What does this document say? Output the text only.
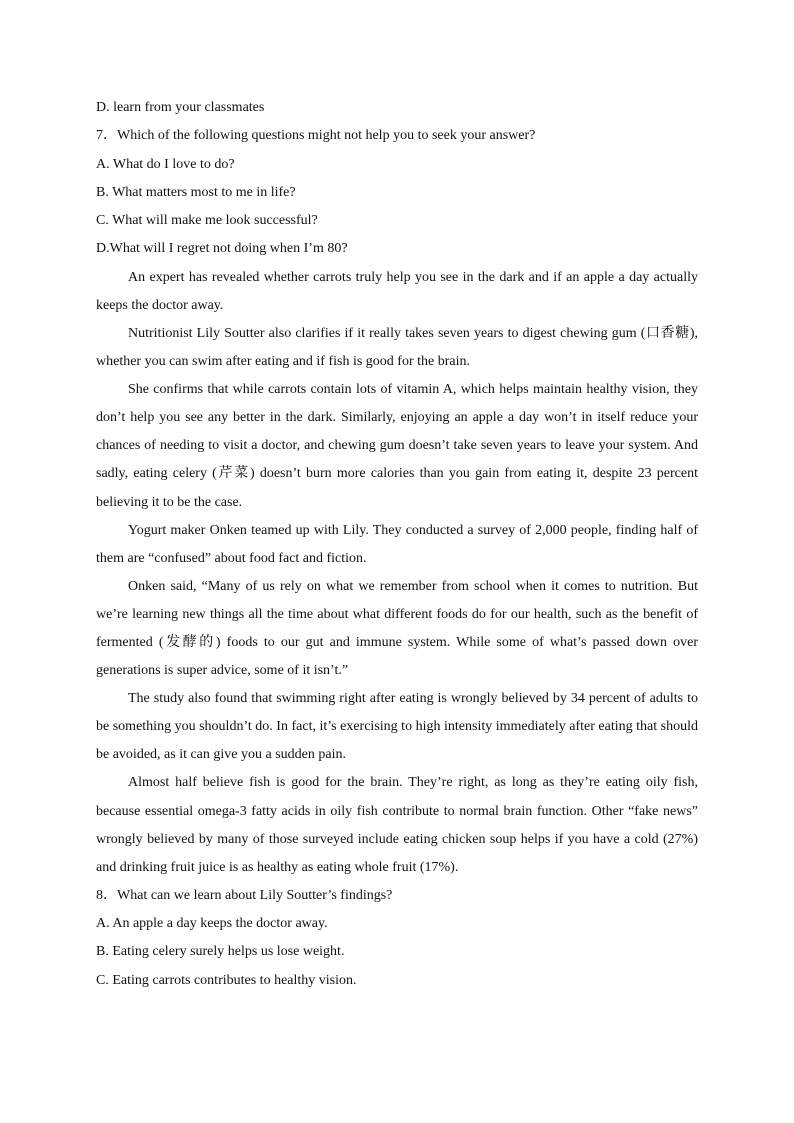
D. learn from your classmates

7．Which of the following questions might not help you to seek your answer?

A. What do I love to do?

B. What matters most to me in life?

C. What will make me look successful?

D.What will I regret not doing when I’m 80?

An expert has revealed whether carrots truly help you see in the dark and if an apple a day actually keeps the doctor away.

Nutritionist Lily Soutter also clarifies if it really takes seven years to digest chewing gum (口香糖), whether you can swim after eating and if fish is good for the brain.

She confirms that while carrots contain lots of vitamin A, which helps maintain healthy vision, they don’t help you see any better in the dark. Similarly, enjoying an apple a day won’t in itself reduce your chances of needing to visit a doctor, and chewing gum doesn’t take seven years to leave your system. And sadly, eating celery (芹菜) doesn’t burn more calories than you gain from eating it, despite 23 percent believing it to be the case.

Yogurt maker Onken teamed up with Lily. They conducted a survey of 2,000 people, finding half of them are “confused” about food fact and fiction.

Onken said, “Many of us rely on what we remember from school when it comes to nutrition. But we’re learning new things all the time about what different foods do for our health, such as the benefit of fermented (发酵的) foods to our gut and immune system. While some of what’s passed down over generations is super advice, some of it isn’t.”

The study also found that swimming right after eating is wrongly believed by 34 percent of adults to be something you shouldn’t do. In fact, it’s exercising to high intensity immediately after eating that should be avoided, as it can give you a sudden pain.

Almost half believe fish is good for the brain. They’re right, as long as they’re eating oily fish, because essential omega-3 fatty acids in oily fish contribute to normal brain function. Other “fake news” wrongly believed by many of those surveyed include eating chicken soup helps if you have a cold (27%) and drinking fruit juice is as healthy as eating whole fruit (17%).

8．What can we learn about Lily Soutter’s findings?

A. An apple a day keeps the doctor away.

B. Eating celery surely helps us lose weight.

C. Eating carrots contributes to healthy vision.
